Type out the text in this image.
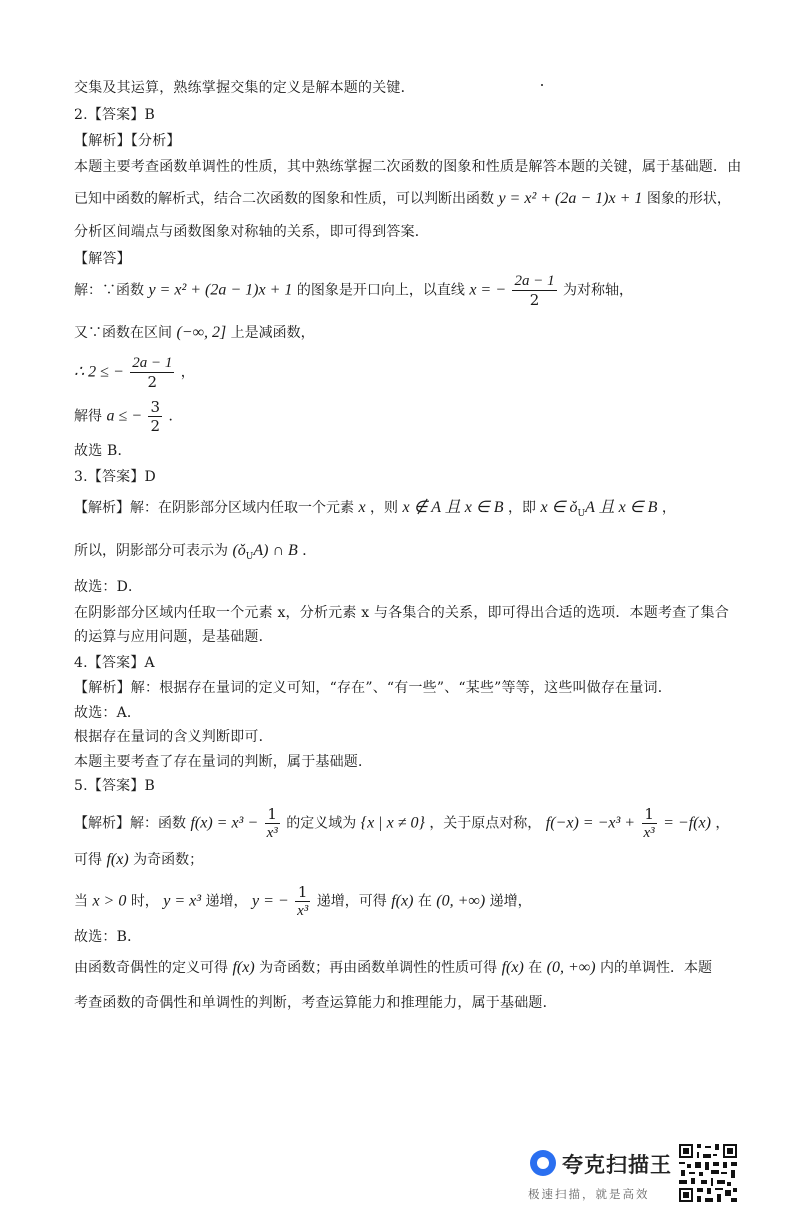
交集及其运算，熟练掌握交集的定义是解本题的关键．
2.【答案】B
【解析】【分析】
本题主要考查函数单调性的性质，其中熟练掌握二次函数的图象和性质是解答本题的关键，属于基础题．由
已知中函数的解析式，结合二次函数的图象和性质，可以判断出函数 y = x² + (2a − 1)x + 1 图象的形状，
分析区间端点与函数图象对称轴的关系，即可得到答案．
【解答】
解：∵函数 y = x² + (2a − 1)x + 1 的图象是开口向上，以直线 x = − $\frac{2a - 1}{2}$ 为对称轴，
又∵函数在区间 (−∞, 2] 上是减函数，
∴ 2 ≤ − $\frac{2a - 1}{2}$ ，
解得 a ≤ − $\frac{3}{2}$ ．
故选 B．
3.【答案】D
【解析】解：在阴影部分区域内任取一个元素 x ，则 x ∉ A 且 x ∈ B ，即 x ∈ $ǒ_UA$ 且 x ∈ B ，
所以，阴影部分可表示为 $(ǒ_UA)$ ∩ B ．
故选：D．
在阴影部分区域内任取一个元素 x，分析元素 x 与各集合的关系，即可得出合适的选项．本题考查了集合
的运算与应用问题，是基础题．
4.【答案】A
【解析】解：根据存在量词的定义可知，“存在”、“有一些”、“某些”等等，这些叫做存在量词．
故选：A．
根据存在量词的含义判断即可．
本题主要考查了存在量词的判断，属于基础题．
5.【答案】B
【解析】解：函数 $f(x) = x^3 - \frac{1}{\text{x³}}$ 的定义域为 {x | x ≠ 0} ，关于原点对称， $f(-x) = -x^3 + \frac{1}{\text{x³}} = -f(x)$ ，
可得 f(x) 为奇函数；
当 x > 0 时， y = x³ 递增， y = − $\frac{1}{\text{x³}}$ 递增，可得 f(x) 在 (0, +∞) 递增，
故选：B．
由函数奇偶性的定义可得 f(x) 为奇函数；再由函数单调性的性质可得 f(x) 在 (0, +∞) 内的单调性．本题
考查函数的奇偶性和单调性的判断，考查运算能力和推理能力，属于基础题．
夸克扫描王
极速扫描，就是高效
